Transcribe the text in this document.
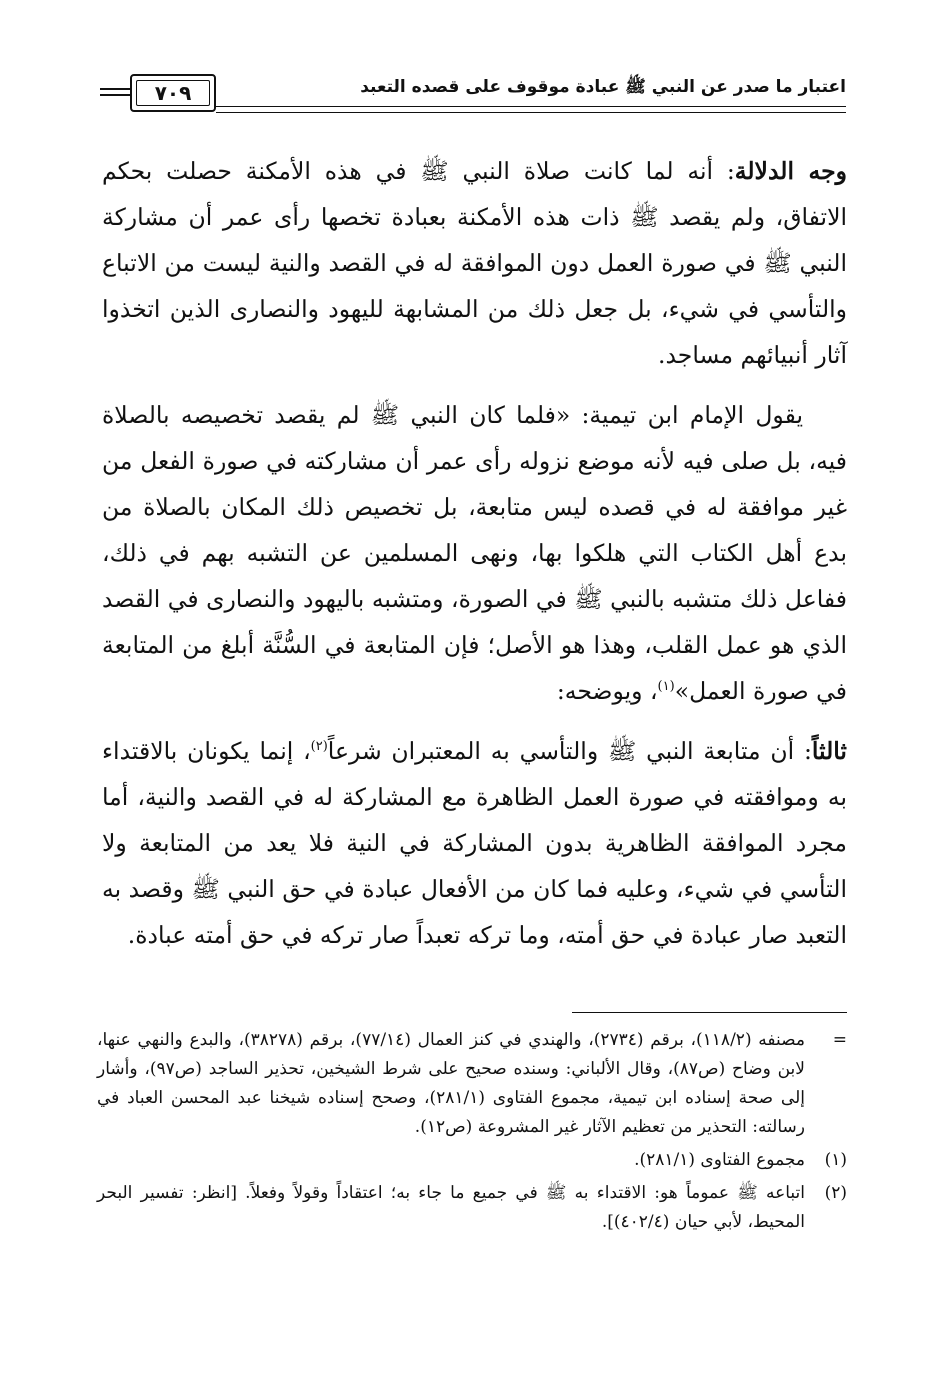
اعتبار ما صدر عن النبي ﷺ عبادة موقوف على قصده التعبد
٧٠٩

وجه الدلالة: أنه لما كانت صلاة النبي ﷺ في هذه الأمكنة حصلت بحكم الاتفاق، ولم يقصد ﷺ ذات هذه الأمكنة بعبادة تخصها رأى عمر أن مشاركة النبي ﷺ في صورة العمل دون الموافقة له في القصد والنية ليست من الاتباع والتأسي في شيء، بل جعل ذلك من المشابهة لليهود والنصارى الذين اتخذوا آثار أنبيائهم مساجد.

يقول الإمام ابن تيمية: «فلما كان النبي ﷺ لم يقصد تخصيصه بالصلاة فيه، بل صلى فيه لأنه موضع نزوله رأى عمر أن مشاركته في صورة الفعل من غير موافقة له في قصده ليس متابعة، بل تخصيص ذلك المكان بالصلاة من بدع أهل الكتاب التي هلكوا بها، ونهى المسلمين عن التشبه بهم في ذلك، ففاعل ذلك متشبه بالنبي ﷺ في الصورة، ومتشبه باليهود والنصارى في القصد الذي هو عمل القلب، وهذا هو الأصل؛ فإن المتابعة في السُّنَّة أبلغ من المتابعة في صورة العمل»$^{(١)}$، ويوضحه:

ثالثاً: أن متابعة النبي ﷺ والتأسي به المعتبران شرعاً$^{(٢)}$، إنما يكونان بالاقتداء به وموافقته في صورة العمل الظاهرة مع المشاركة له في القصد والنية، أما مجرد الموافقة الظاهرية بدون المشاركة في النية فلا يعد من المتابعة ولا التأسي في شيء، وعليه فما كان من الأفعال عبادة في حق النبي ﷺ وقصد به التعبد صار عبادة في حق أمته، وما تركه تعبداً صار تركه في حق أمته عبادة.

=
مصنفه (١١٨/٢)، برقم (٢٧٣٤)، والهندي في كنز العمال (٧٧/١٤)، برقم (٣٨٢٧٨)، والبدع والنهي عنها، لابن وضاح (ص٨٧)، وقال الألباني: وسنده صحيح على شرط الشيخين، تحذير الساجد (ص٩٧)، وأشار إلى صحة إسناده ابن تيمية، مجموع الفتاوى (٢٨١/١)، وصحح إسناده شيخنا عبد المحسن العباد في رسالته: التحذير من تعظيم الآثار غير المشروعة (ص١٢).
(١)
مجموع الفتاوى (٢٨١/١).
(٢)
اتباعه ﷺ عموماً هو: الاقتداء به ﷺ في جميع ما جاء به؛ اعتقاداً وقولاً وفعلاً. [انظر: تفسير البحر المحيط، لأبي حيان (٤٠٢/٤)].
